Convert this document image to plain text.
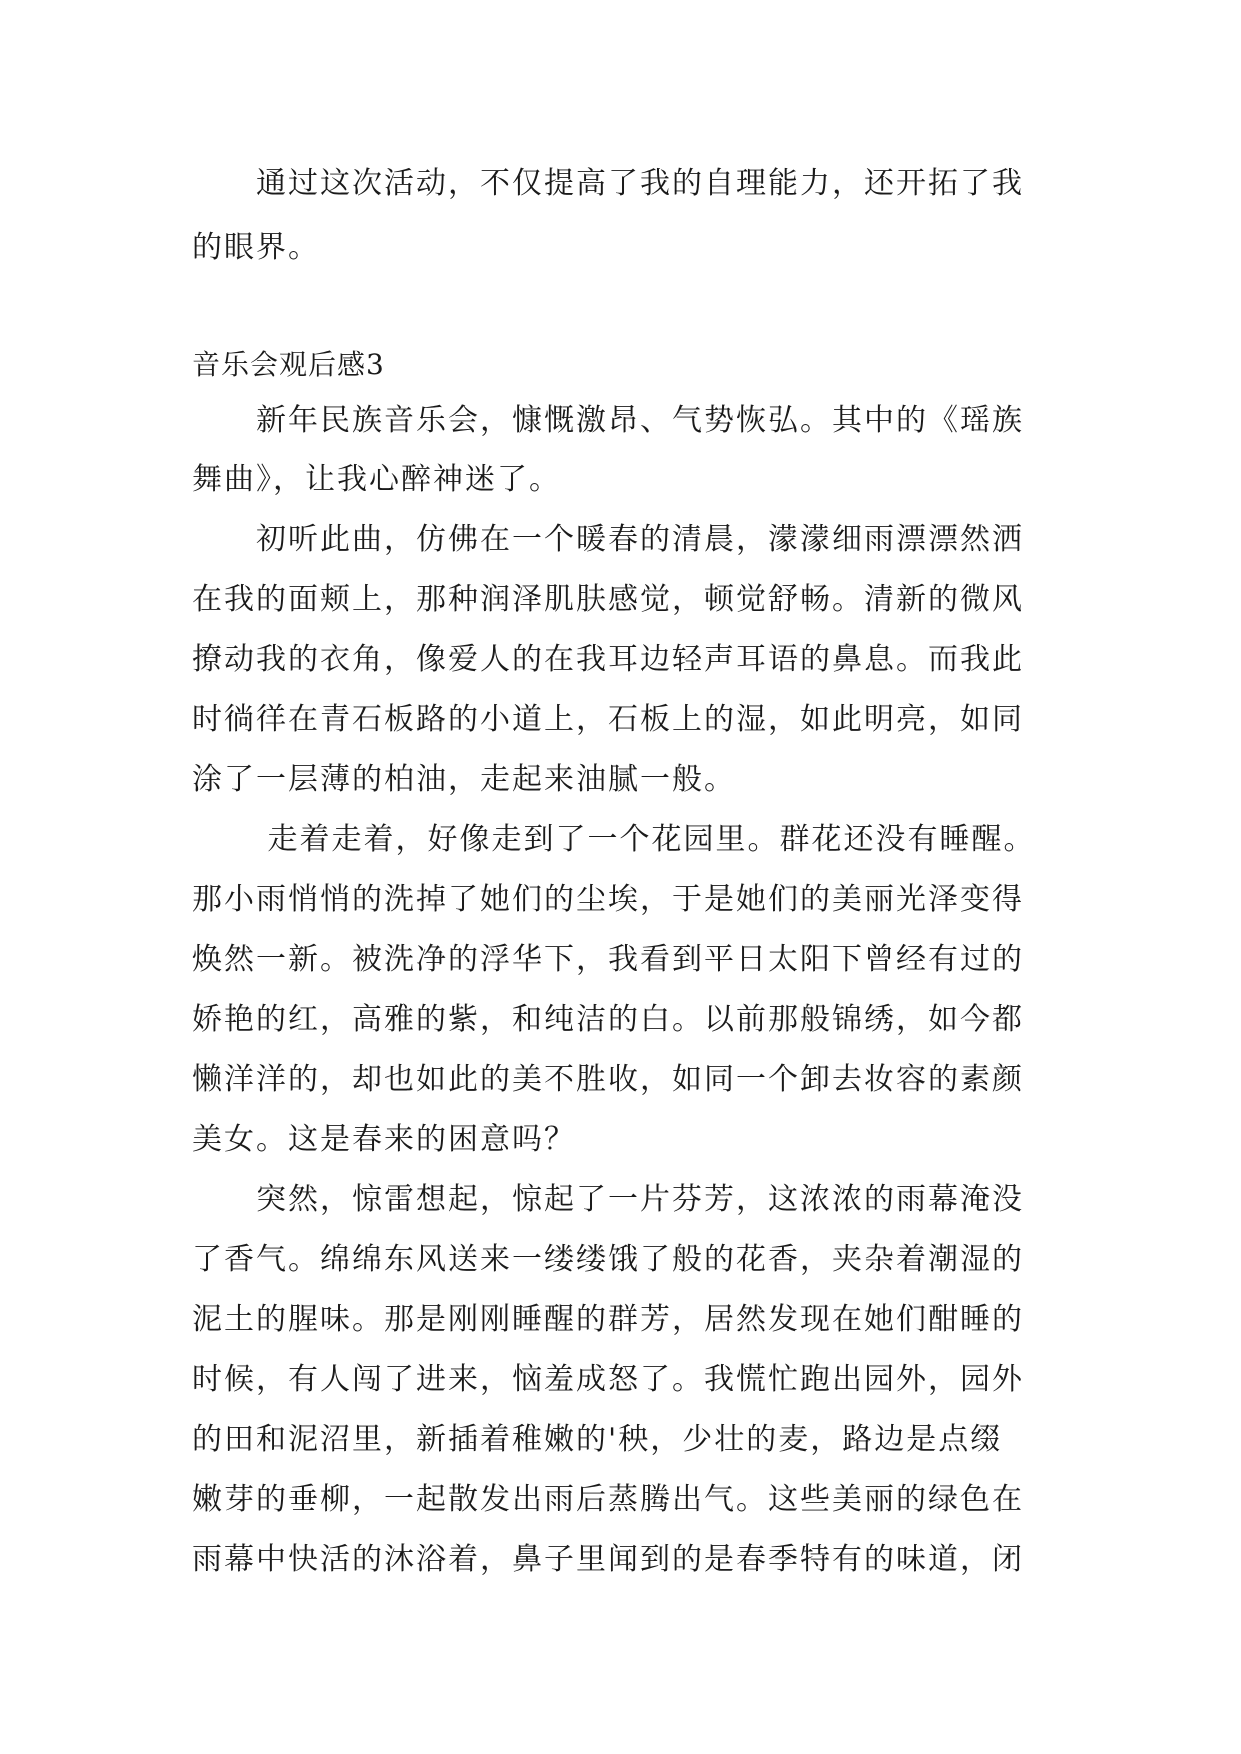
　　通过这次活动，不仅提高了我的自理能力，还开拓了我
的眼界。
音乐会观后感3
　　新年民族音乐会，慷慨激昂、气势恢弘。其中的《瑶族
舞曲》，让我心醉神迷了。
　　初听此曲，仿佛在一个暖春的清晨，濛濛细雨漂漂然洒
在我的面颊上，那种润泽肌肤感觉，顿觉舒畅。清新的微风
撩动我的衣角，像爱人的在我耳边轻声耳语的鼻息。而我此
时徜徉在青石板路的小道上，石板上的湿，如此明亮，如同
涂了一层薄的柏油，走起来油腻一般。
　　 走着走着，好像走到了一个花园里。群花还没有睡醒。
那小雨悄悄的洗掉了她们的尘埃，于是她们的美丽光泽变得
焕然一新。被洗净的浮华下，我看到平日太阳下曾经有过的
娇艳的红，高雅的紫，和纯洁的白。以前那般锦绣，如今都
懒洋洋的，却也如此的美不胜收，如同一个卸去妆容的素颜
美女。这是春来的困意吗？
　　突然，惊雷想起，惊起了一片芬芳，这浓浓的雨幕淹没
了香气。绵绵东风送来一缕缕饿了般的花香，夹杂着潮湿的
泥土的腥味。那是刚刚睡醒的群芳，居然发现在她们酣睡的
时候，有人闯了进来，恼羞成怒了。我慌忙跑出园外，园外
的田和泥沼里，新插着稚嫩的'秧，少壮的麦，路边是点缀
嫩芽的垂柳，一起散发出雨后蒸腾出气。这些美丽的绿色在
雨幕中快活的沐浴着，鼻子里闻到的是春季特有的味道，闭
